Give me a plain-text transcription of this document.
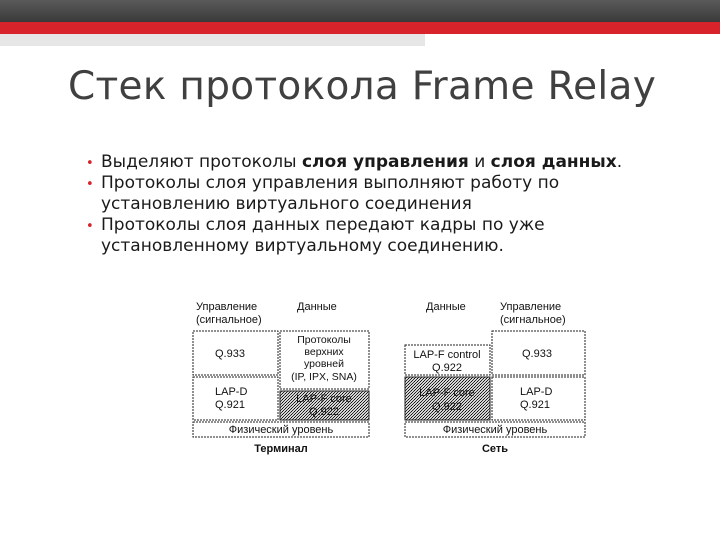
Стек протокола Frame Relay
• Выделяют протоколы слоя управления и слоя данных.
• Протоколы слоя управления выполняют работу по установлению виртуального соединения
• Протоколы слоя данных передают кадры по уже установленному виртуальному соединению.
Управление
(сигнальное)
Данные
Q.933
Протоколы
верхних
уровней
(IP, IPX, SNA)
LAP-D
Q.921	LAP-F core
Q.922
Физический уровень
Терминал
Данные	Управление
(сигнальное)
LAP-F control
Q.922
Q.933
LAP-F core
Q.922
LAP-D
Q.921
Физический уровень
Сеть
